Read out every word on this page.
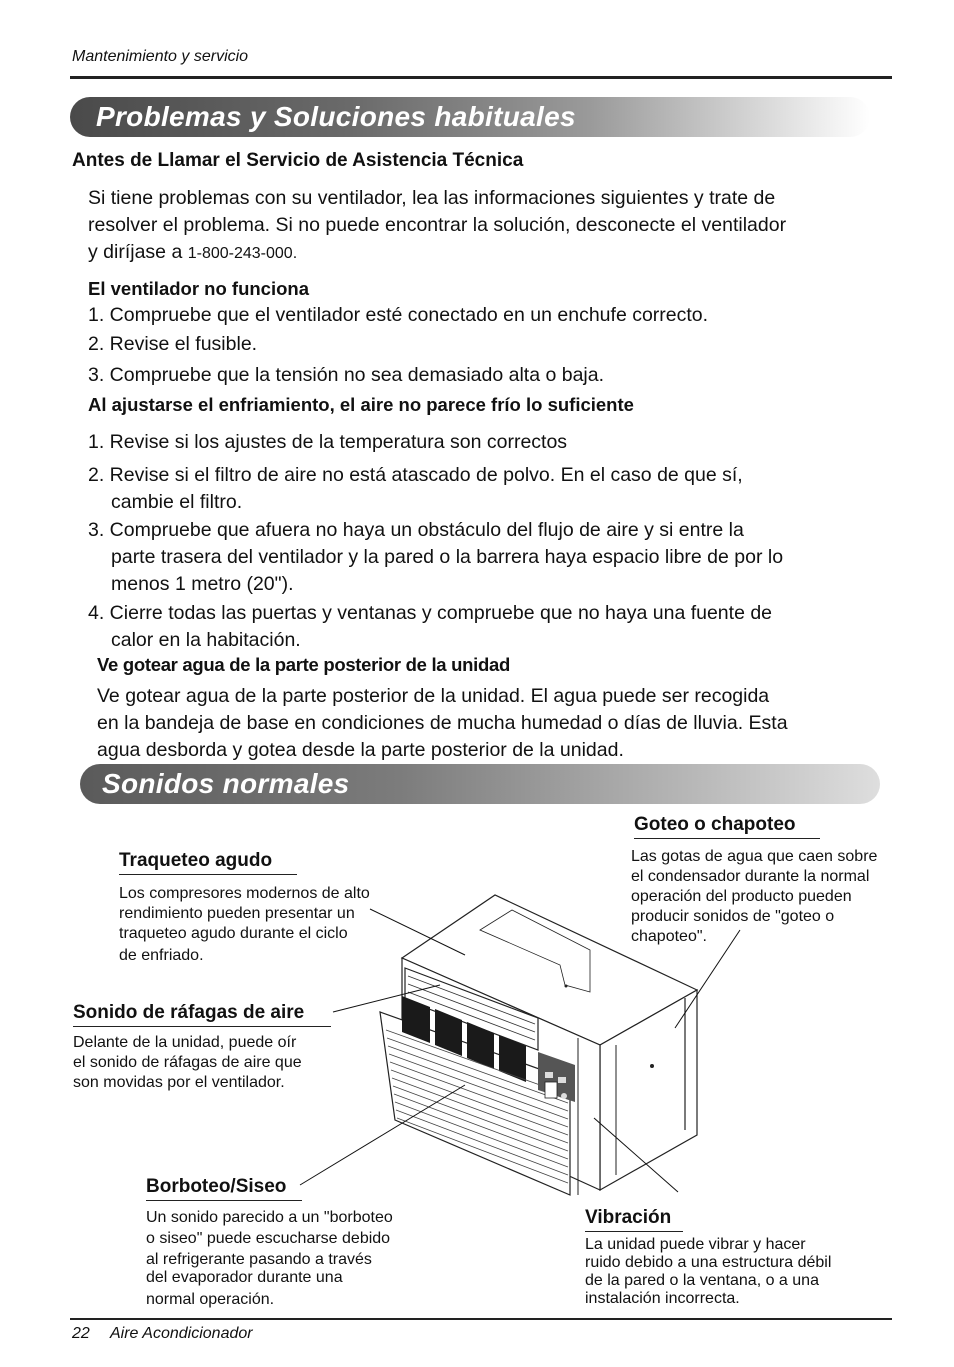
Mantenimiento y servicio
Problemas y Soluciones habituales
Antes de Llamar el Servicio de Asistencia Técnica
Si tiene problemas con su ventilador, lea las informaciones siguientes y trate de
resolver el problema. Si no puede encontrar la solución, desconecte el ventilador
y diríjase a 1-800-243-000.
El ventilador no funciona
1. Compruebe que el ventilador esté conectado en un enchufe correcto.
2. Revise el fusible.
3. Compruebe que la tensión no sea demasiado alta o baja.
Al ajustarse el enfriamiento, el aire no parece frío lo suficiente
1. Revise si los ajustes de la temperatura son correctos
2. Revise si el filtro de aire no está atascado de polvo. En el caso de que sí,
cambie el filtro.
3. Compruebe que afuera no haya un obstáculo del flujo de aire y si entre la
parte trasera del ventilador y la pared o la barrera haya espacio libre de por lo
menos 1 metro (20").
4. Cierre todas las puertas y ventanas y compruebe que no haya una fuente de
calor en la habitación.
Ve gotear agua de la parte posterior de la unidad
Ve gotear agua de la parte posterior de la unidad. El agua puede ser recogida
en la bandeja de base en condiciones de mucha humedad o días de lluvia. Esta
agua desborda y gotea desde la parte posterior de la unidad.
Sonidos normales
Goteo o chapoteo
Las gotas de agua que caen sobre
el condensador durante la normal
operación del producto pueden
producir sonidos de "goteo o
chapoteo".
Traqueteo agudo
Los compresores modernos de alto
rendimiento pueden presentar un
traqueteo agudo durante el ciclo
de enfriado.
Sonido de ráfagas de aire
Delante de la unidad, puede oír
el sonido de ráfagas de aire que
son movidas por el ventilador.
Borboteo/Siseo
Un sonido parecido a un "borboteo
o siseo" puede escucharse debido
al refrigerante pasando a través
del evaporador durante una
normal operación.
Vibración
La unidad puede vibrar y hacer
ruido debido a una estructura débil
de la pared o la ventana, o a una
instalación incorrecta.
22 Aire Acondicionador
